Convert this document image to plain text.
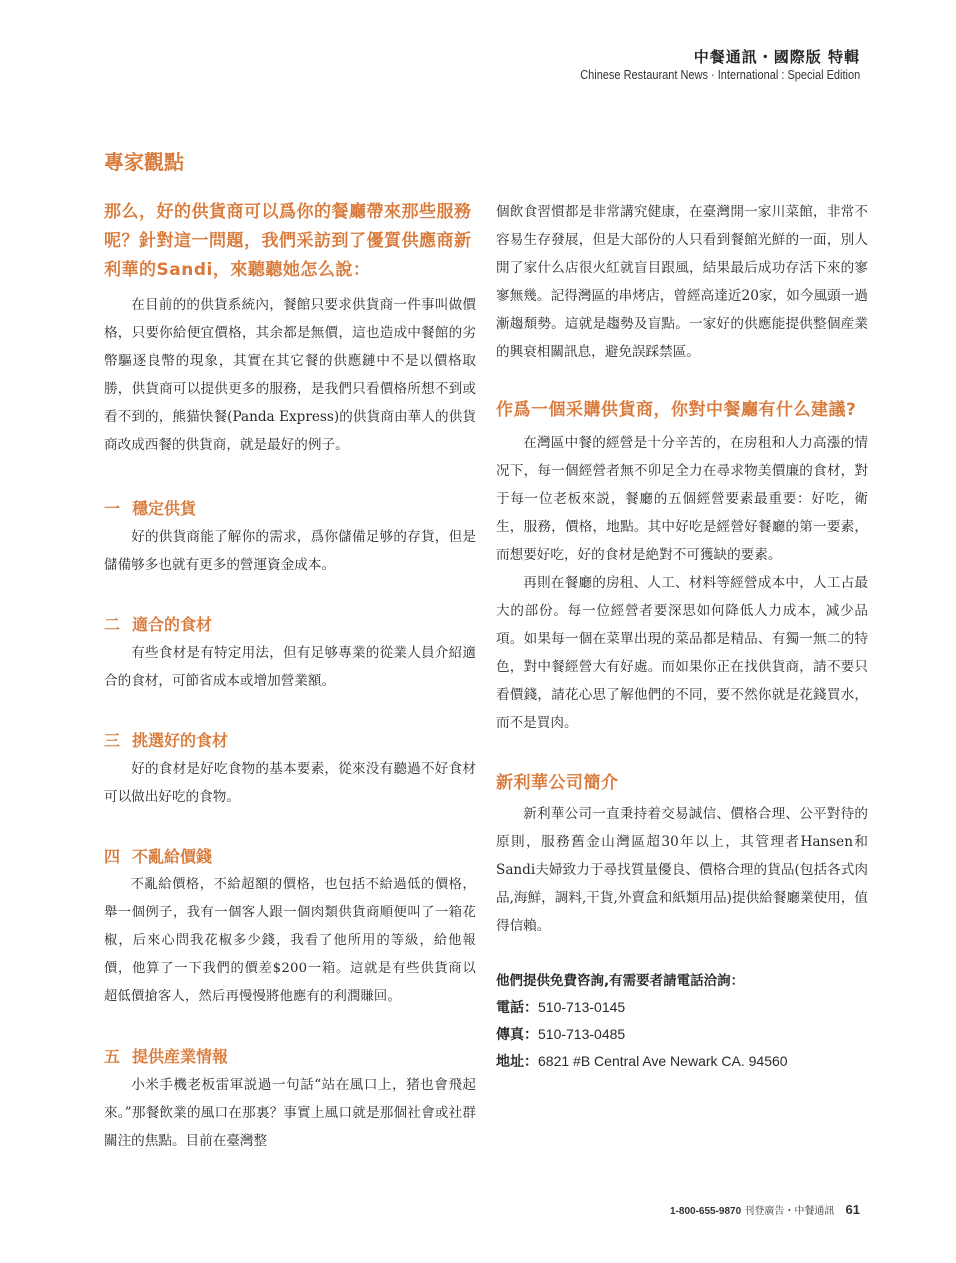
中餐通訊・國際版 特輯
Chinese Restaurant News · International : Special Edition
專家觀點

那么，好的供貨商可以爲你的餐廳帶來那些服務呢？針對這一問題，我們采訪到了優質供應商新利華的Sandi，來聽聽她怎么說：

在目前的的供貨系統內，餐館只要求供貨商一件事叫做價格，只要你給便宜價格，其余都是無價，這也造成中餐館的劣幣驅逐良幣的現象，其實在其它餐的供應鏈中不是以價格取勝，供貨商可以提供更多的服務，是我們只看價格所想不到或看不到的，熊猫快餐(Panda Express)的供貨商由華人的供貨商改成西餐的供貨商，就是最好的例子。

一 穩定供貨

好的供貨商能了解你的需求，爲你儲備足够的存貨，但是儲備够多也就有更多的營運資金成本。

二 適合的食材

有些食材是有特定用法，但有足够專業的從業人員介紹適合的食材，可節省成本或增加營業額。

三 挑選好的食材

好的食材是好吃食物的基本要素，從來没有聽過不好食材可以做出好吃的食物。

四 不亂給價錢

不亂給價格，不給超額的價格，也包括不給過低的價格，舉一個例子，我有一個客人跟一個肉類供貨商順便叫了一箱花椒，后來心問我花椒多少錢，我看了他所用的等級，給他報價，他算了一下我們的價差$200一箱。這就是有些供貨商以超低價搶客人，然后再慢慢將他應有的利潤賺回。

五 提供産業情報

小米手機老板雷軍説過一句話“站在風口上，猪也會飛起來。”那餐飲業的風口在那裏？事實上風口就是那個社會或社群關注的焦點。目前在臺灣整

個飲食習慣都是非常講究健康，在臺灣開一家川菜館，非常不容易生存發展，但是大部份的人只看到餐館光鮮的一面，別人開了家什么店很火紅就盲目跟風，結果最后成功存活下來的寥寥無幾。記得灣區的串烤店，曾經高達近20家，如今風頭一過漸趨頹勢。這就是趨勢及盲點。一家好的供應能提供整個産業的興衰相關訊息，避免誤踩禁區。

作爲一個采購供貨商，你對中餐廳有什么建議?

在灣區中餐的經營是十分辛苦的，在房租和人力高漲的情况下，每一個經營者無不卯足全力在尋求物美價廉的食材，對于每一位老板來説，餐廳的五個經營要素最重要：好吃，衛生，服務，價格，地點。其中好吃是經營好餐廳的第一要素，而想要好吃，好的食材是絶對不可獲缺的要素。

再則在餐廳的房租、人工、材料等經營成本中，人工占最大的部份。每一位經營者要深思如何降低人力成本，减少品項。如果每一個在菜單出現的菜品都是精品、有獨一無二的特色，對中餐經營大有好處。而如果你正在找供貨商，請不要只看價錢，請花心思了解他們的不同，要不然你就是花錢買水，而不是買肉。

新利華公司簡介

新利華公司一直秉持着交易誠信、價格合理、公平對待的原則，服務舊金山灣區超30年以上，其管理者Hansen和Sandi夫婦致力于尋找質量優良、價格合理的貨品(包括各式肉品,海鮮，調料,干貨,外賣盒和紙類用品)提供給餐廳業使用，值得信賴。

他們提供免費咨詢,有需要者請電話洽詢：

電話：510-713-0145

傳真：510-713-0485

地址：6821 #B Central Ave Newark CA. 94560

1-800-655-9870 刊登廣告・中餐通訊 61
